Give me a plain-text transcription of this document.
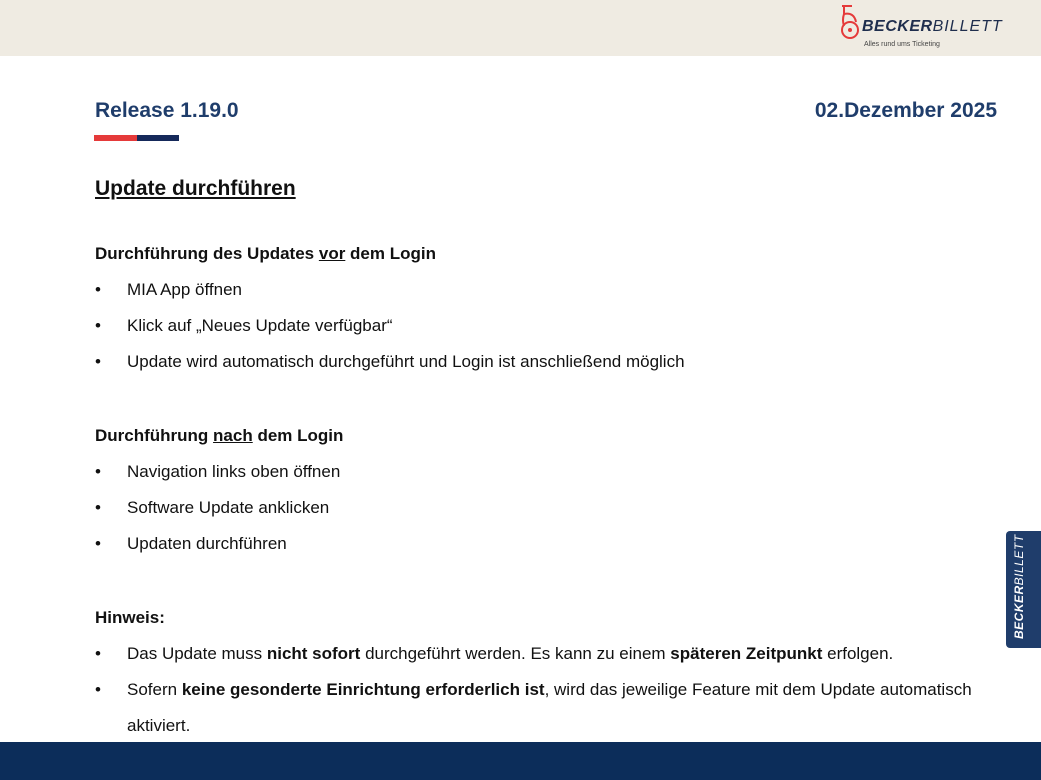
BECKERBILLETT
Alles rund ums Ticketing
Release 1.19.0	02.Dezember 2025
Update durchführen
Durchführung des Updates vor dem Login
• MIA App öffnen
• Klick auf „Neues Update verfügbar“
• Update wird automatisch durchgeführt und Login ist anschließend möglich
Durchführung nach dem Login
• Navigation links oben öffnen
• Software Update anklicken
• Updaten durchführen
Hinweis:
• Das Update muss nicht sofort durchgeführt werden. Es kann zu einem späteren Zeitpunkt erfolgen.
• Sofern keine gesonderte Einrichtung erforderlich ist, wird das jeweilige Feature mit dem Update automatisch aktiviert.
BECKERBILLETT
